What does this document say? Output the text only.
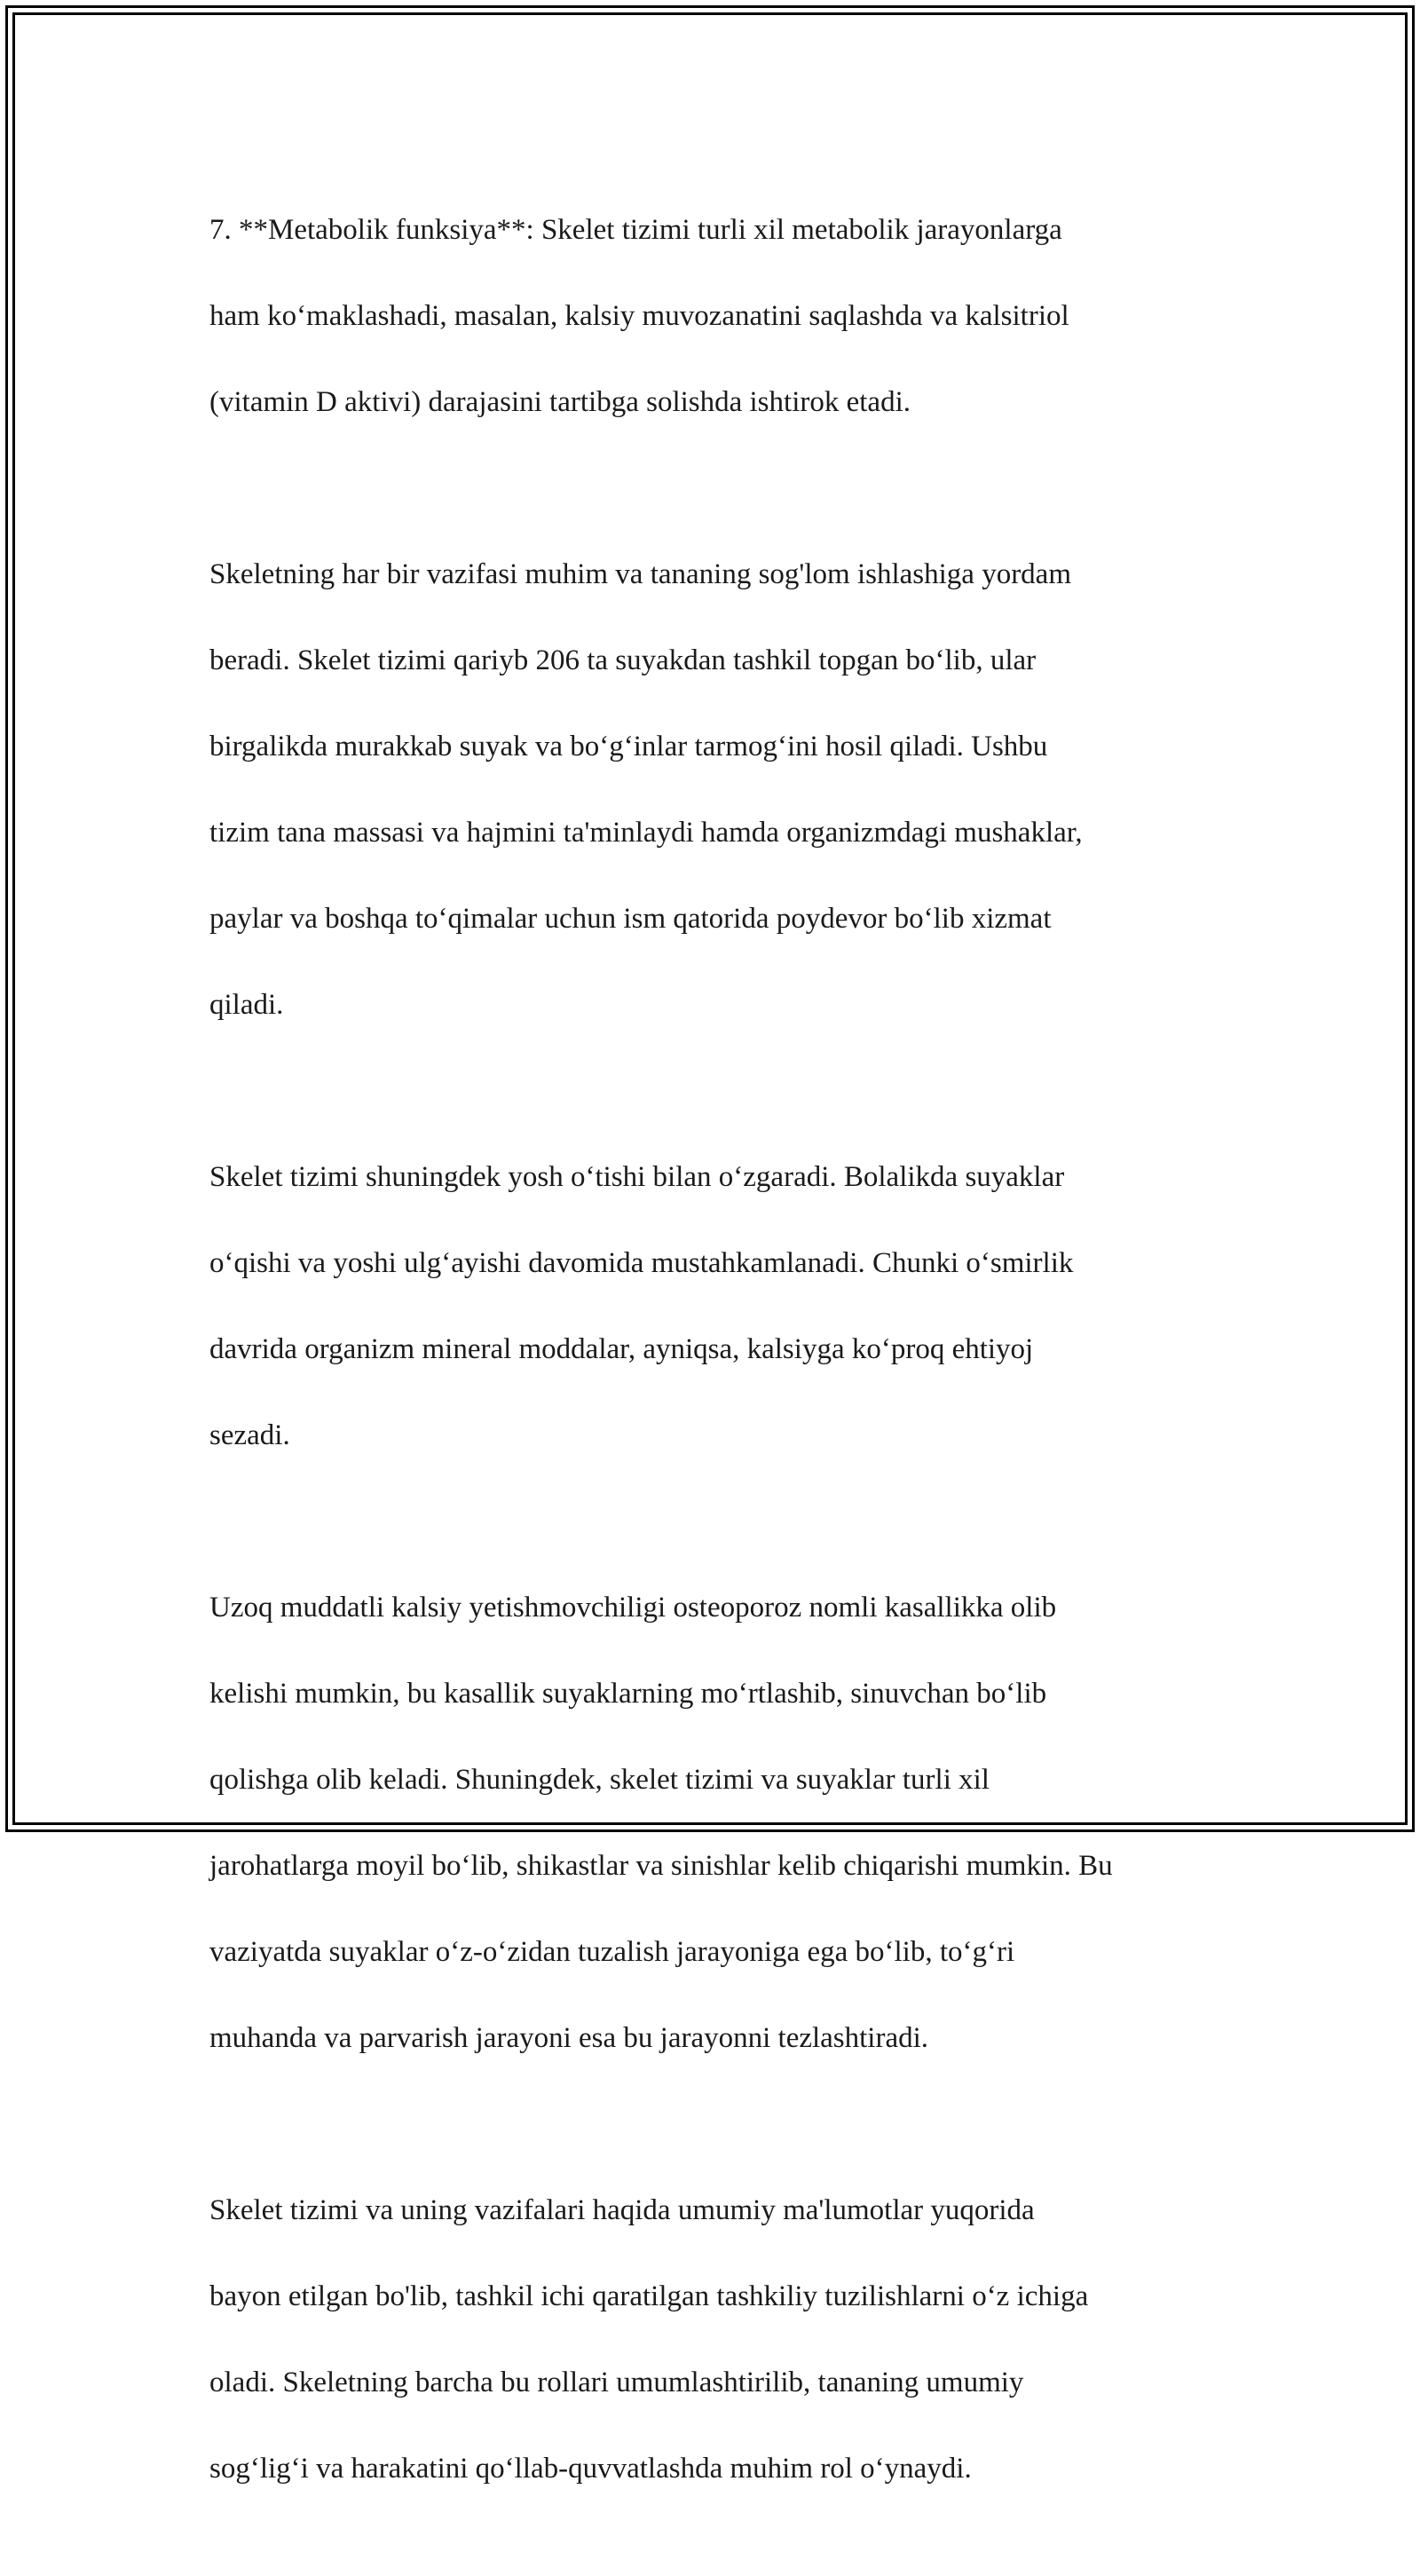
7. **Metabolik funksiya**: Skelet tizimi turli xil metabolik jarayonlarga

ham ko‘maklashadi, masalan, kalsiy muvozanatini saqlashda va kalsitriol

(vitamin D aktivi) darajasini tartibga solishda ishtirok etadi.

Skeletning har bir vazifasi muhim va tananing sog'lom ishlashiga yordam

beradi. Skelet tizimi qariyb 206 ta suyakdan tashkil topgan bo‘lib, ular

birgalikda murakkab suyak va bo‘g‘inlar tarmog‘ini hosil qiladi. Ushbu

tizim tana massasi va hajmini ta'minlaydi hamda organizmdagi mushaklar,

paylar va boshqa to‘qimalar uchun ism qatorida poydevor bo‘lib xizmat

qiladi.

Skelet tizimi shuningdek yosh o‘tishi bilan o‘zgaradi. Bolalikda suyaklar

o‘qishi va yoshi ulg‘ayishi davomida mustahkamlanadi. Chunki o‘smirlik

davrida organizm mineral moddalar, ayniqsa, kalsiyga ko‘proq ehtiyoj

sezadi.

Uzoq muddatli kalsiy yetishmovchiligi osteoporoz nomli kasallikka olib

kelishi mumkin, bu kasallik suyaklarning mo‘rtlashib, sinuvchan bo‘lib

qolishga olib keladi. Shuningdek, skelet tizimi va suyaklar turli xil

jarohatlarga moyil bo‘lib, shikastlar va sinishlar kelib chiqarishi mumkin. Bu

vaziyatda suyaklar o‘z-o‘zidan tuzalish jarayoniga ega bo‘lib, to‘g‘ri

muhanda va parvarish jarayoni esa bu jarayonni tezlashtiradi.

Skelet tizimi va uning vazifalari haqida umumiy ma'lumotlar yuqorida

bayon etilgan bo'lib, tashkil ichi qaratilgan tashkiliy tuzilishlarni o‘z ichiga

oladi. Skeletning barcha bu rollari umumlashtirilib, tananing umumiy

sog‘lig‘i va harakatini qo‘llab-quvvatlashda muhim rol o‘ynaydi.
